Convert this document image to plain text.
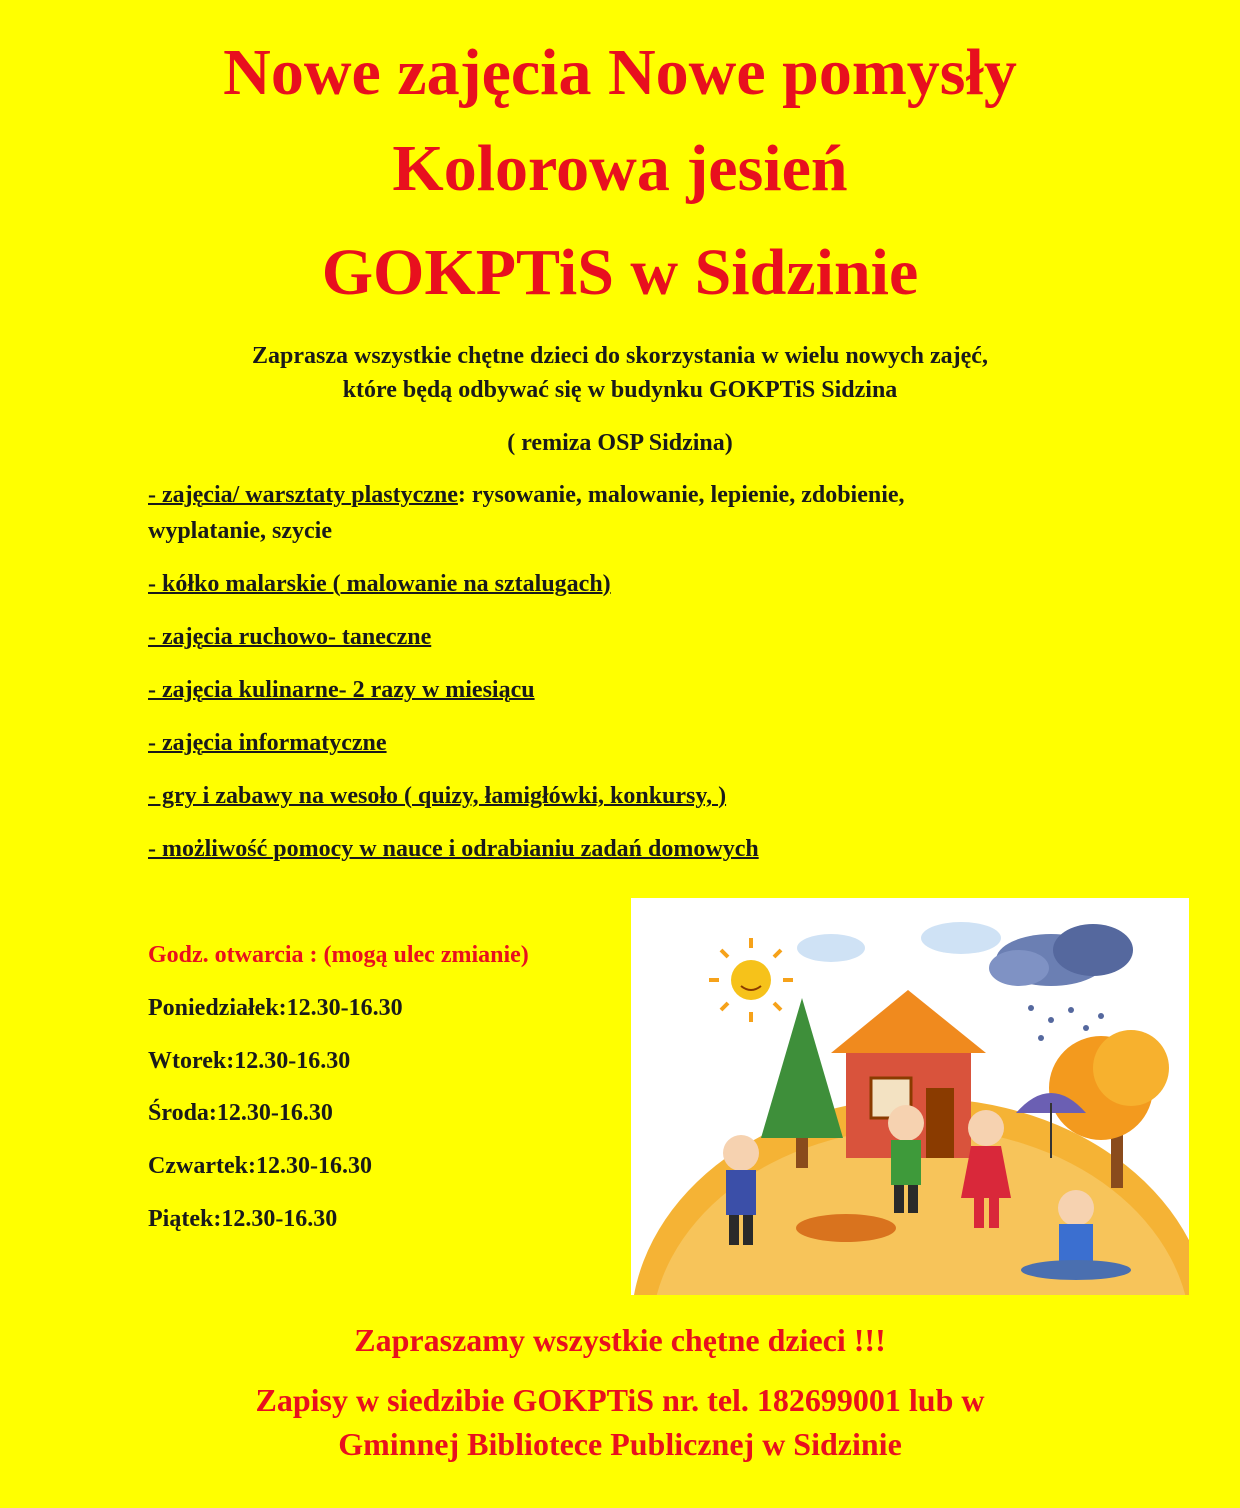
Nowe zajęcia Nowe pomysły
Kolorowa jesień
GOKPTiS w Sidzinie
Zaprasza wszystkie chętne dzieci do skorzystania w wielu nowych zajęć,
które będą odbywać się w budynku GOKPTiS Sidzina
( remiza OSP Sidzina)
- zajęcia/ warsztaty plastyczne: rysowanie, malowanie, lepienie, zdobienie,
wyplatanie, szycie
- kółko malarskie ( malowanie na sztalugach)
- zajęcia ruchowo- taneczne
- zajęcia kulinarne- 2 razy w miesiącu
- zajęcia informatyczne
- gry i zabawy na wesoło ( quizy, łamigłówki, konkursy, )
- możliwość pomocy w nauce i odrabianiu zadań domowych
Godz. otwarcia : (mogą ulec zmianie)
Poniedziałek:12.30-16.30
Wtorek:12.30-16.30
Środa:12.30-16.30
Czwartek:12.30-16.30
Piątek:12.30-16.30
Zapraszamy wszystkie chętne dzieci !!!
Zapisy w siedzibie GOKPTiS nr. tel. 182699001 lub w
Gminnej Bibliotece Publicznej w Sidzinie
